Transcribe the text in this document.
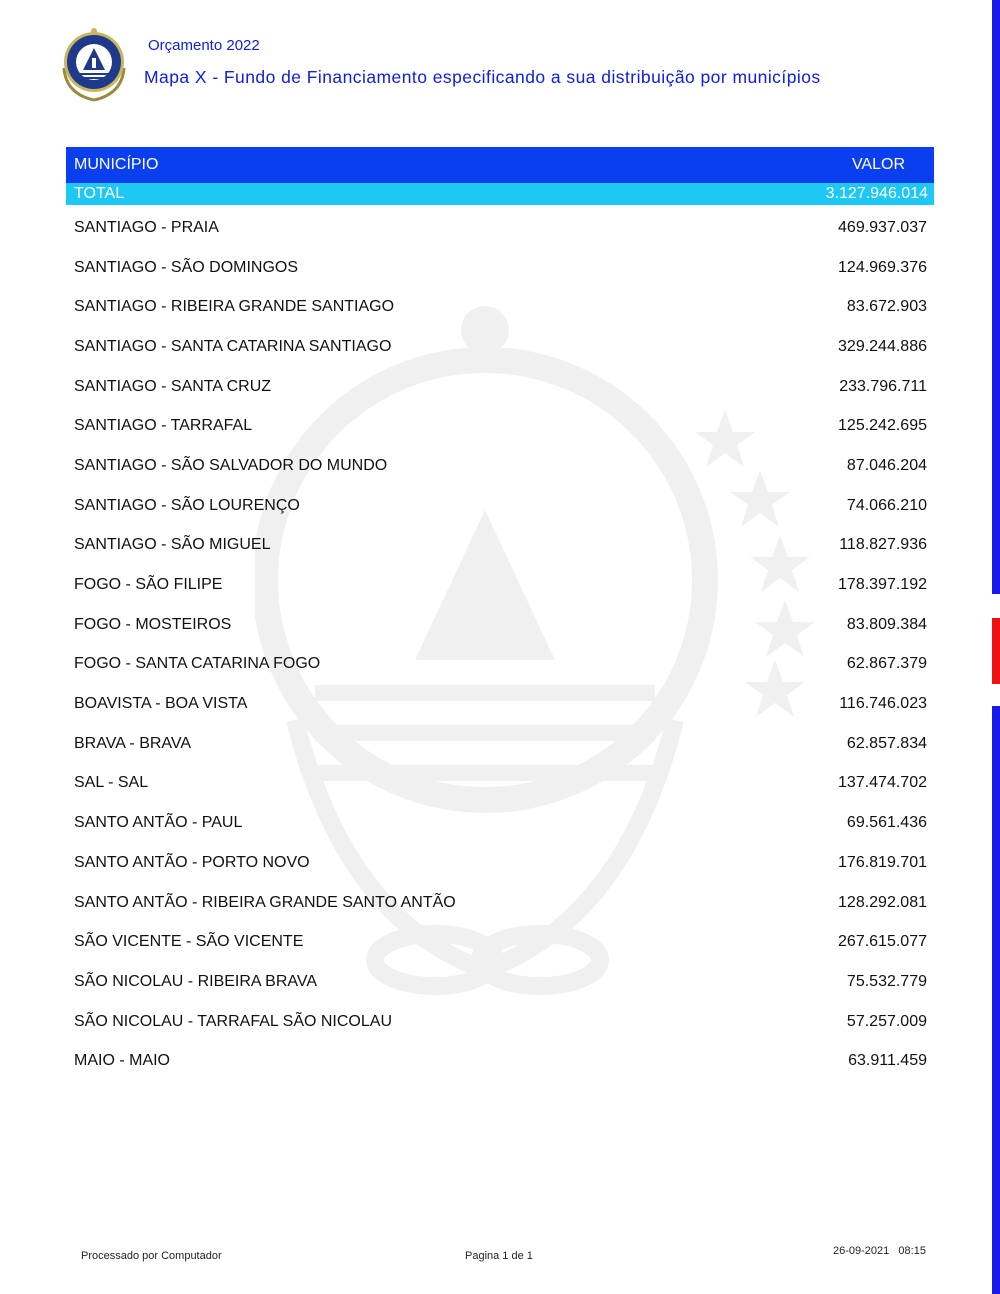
Orçamento 2022
Mapa X - Fundo de Financiamento especificando a sua distribuição por municípios
MUNICÍPIO	VALOR
TOTAL	3.127.946.014
SANTIAGO - PRAIA	469.937.037
SANTIAGO - SÃO DOMINGOS	124.969.376
SANTIAGO - RIBEIRA GRANDE SANTIAGO	83.672.903
SANTIAGO - SANTA CATARINA SANTIAGO	329.244.886
SANTIAGO - SANTA CRUZ	233.796.711
SANTIAGO - TARRAFAL	125.242.695
SANTIAGO - SÃO SALVADOR DO MUNDO	87.046.204
SANTIAGO - SÃO LOURENÇO	74.066.210
SANTIAGO - SÃO MIGUEL	118.827.936
FOGO - SÃO FILIPE	178.397.192
FOGO - MOSTEIROS	83.809.384
FOGO - SANTA CATARINA FOGO	62.867.379
BOAVISTA - BOA VISTA	116.746.023
BRAVA - BRAVA	62.857.834
SAL - SAL	137.474.702
SANTO ANTÃO - PAUL	69.561.436
SANTO ANTÃO - PORTO NOVO	176.819.701
SANTO ANTÃO - RIBEIRA GRANDE SANTO ANTÃO	128.292.081
SÃO VICENTE - SÃO VICENTE	267.615.077
SÃO NICOLAU - RIBEIRA BRAVA	75.532.779
SÃO NICOLAU - TARRAFAL SÃO NICOLAU	57.257.009
MAIO - MAIO	63.911.459
Processado por Computador	Pagina 1 de 1	26-09-2021   08:15
